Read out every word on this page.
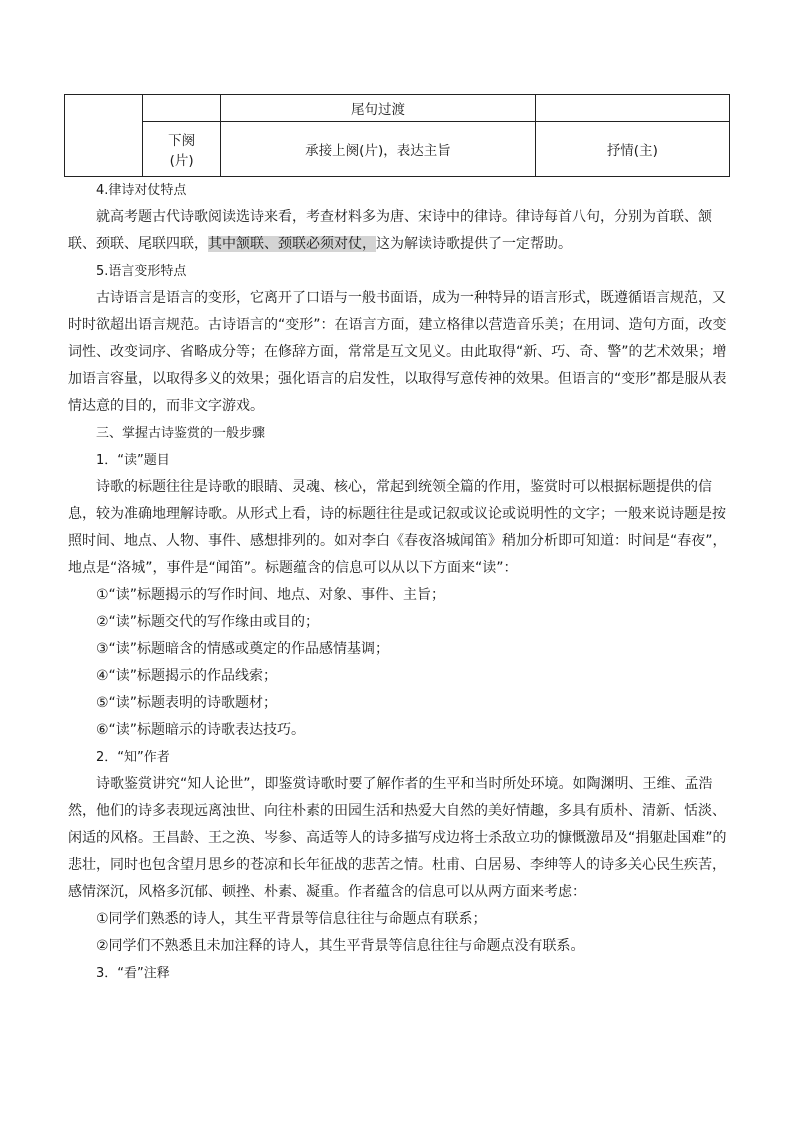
		尾句过渡	

	下阕
(片)	承接上阕(片)，表达主旨	抒情(主)

4.律诗对仗特点

就高考题古代诗歌阅读选诗来看，考查材料多为唐、宋诗中的律诗。律诗每首八句，分别为首联、颔联、颈联、尾联四联，其中颔联、颈联必须对仗，这为解读诗歌提供了一定帮助。

5.语言变形特点

古诗语言是语言的变形，它离开了口语与一般书面语，成为一种特异的语言形式，既遵循语言规范，又时时欲超出语言规范。古诗语言的“变形”：在语言方面，建立格律以营造音乐美；在用词、造句方面，改变词性、改变词序、省略成分等；在修辞方面，常常是互文见义。由此取得“新、巧、奇、警”的艺术效果；增加语言容量，以取得多义的效果；强化语言的启发性，以取得写意传神的效果。但语言的“变形”都是服从表情达意的目的，而非文字游戏。

三、掌握古诗鉴赏的一般步骤

1．“读”题目

诗歌的标题往往是诗歌的眼睛、灵魂、核心，常起到统领全篇的作用，鉴赏时可以根据标题提供的信息，较为准确地理解诗歌。从形式上看，诗的标题往往是或记叙或议论或说明性的文字；一般来说诗题是按照时间、地点、人物、事件、感想排列的。如对李白《春夜洛城闻笛》稍加分析即可知道：时间是“春夜”，地点是“洛城”，事件是“闻笛”。标题蕴含的信息可以从以下方面来“读”：

①“读”标题揭示的写作时间、地点、对象、事件、主旨；

②“读”标题交代的写作缘由或目的；

③“读”标题暗含的情感或奠定的作品感情基调；

④“读”标题揭示的作品线索；

⑤“读”标题表明的诗歌题材；

⑥“读”标题暗示的诗歌表达技巧。

2．“知”作者

诗歌鉴赏讲究“知人论世”，即鉴赏诗歌时要了解作者的生平和当时所处环境。如陶渊明、王维、孟浩然，他们的诗多表现远离浊世、向往朴素的田园生活和热爱大自然的美好情趣，多具有质朴、清新、恬淡、闲适的风格。王昌龄、王之涣、岑参、高适等人的诗多描写戍边将士杀敌立功的慷慨激昂及“捐躯赴国难”的悲壮，同时也包含望月思乡的苍凉和长年征战的悲苦之情。杜甫、白居易、李绅等人的诗多关心民生疾苦，感情深沉，风格多沉郁、顿挫、朴素、凝重。作者蕴含的信息可以从两方面来考虑：

①同学们熟悉的诗人，其生平背景等信息往往与命题点有联系；

②同学们不熟悉且未加注释的诗人，其生平背景等信息往往与命题点没有联系。

3．“看”注释
